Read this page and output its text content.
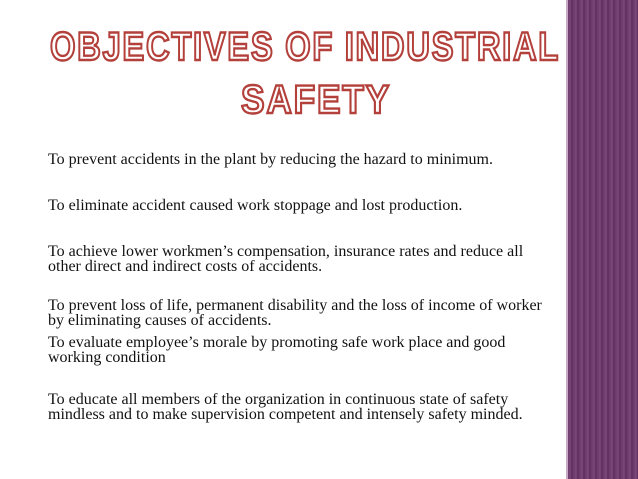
OBJECTIVES OF INDUSTRIAL
SAFETY
To prevent accidents in the plant by reducing the hazard to minimum.
To eliminate accident caused work stoppage and lost production.
To achieve lower workmen’s compensation, insurance rates and reduce all other direct and indirect costs of accidents.
To prevent loss of life, permanent disability and the loss of income of worker by eliminating causes of accidents.
To evaluate employee’s morale by promoting safe work place and good working condition
To educate all members of the organization in continuous state of safety mindless and to make supervision competent and intensely safety minded.
